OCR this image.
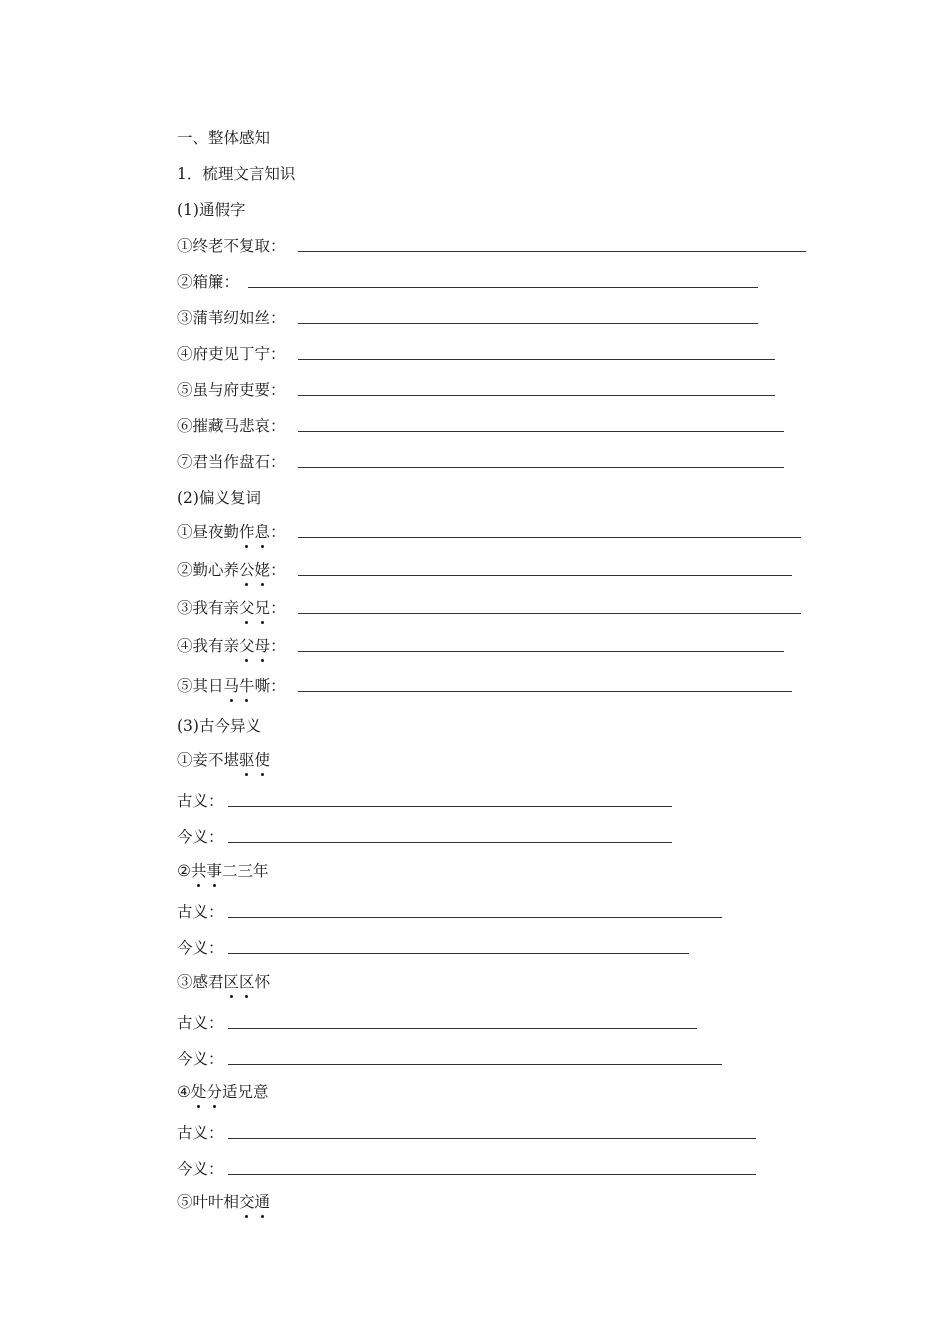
一、整体感知
1．梳理文言知识
(1)通假字
①终老不复取：
②箱簾：
③蒲苇纫如丝：
④府吏见丁宁：
⑤虽与府吏要：
⑥摧藏马悲哀：
⑦君当作盘石：
(2)偏义复词
①昼夜勤作息：
②勤心养公姥：
③我有亲父兄：
④我有亲父母：
⑤其日马牛嘶：
(3)古今异义
①妾不堪驱使
古义：
今义：
②共事二三年
古义：
今义：
③感君区区怀
古义：
今义：
④处分适兄意
古义：
今义：
⑤叶叶相交通
